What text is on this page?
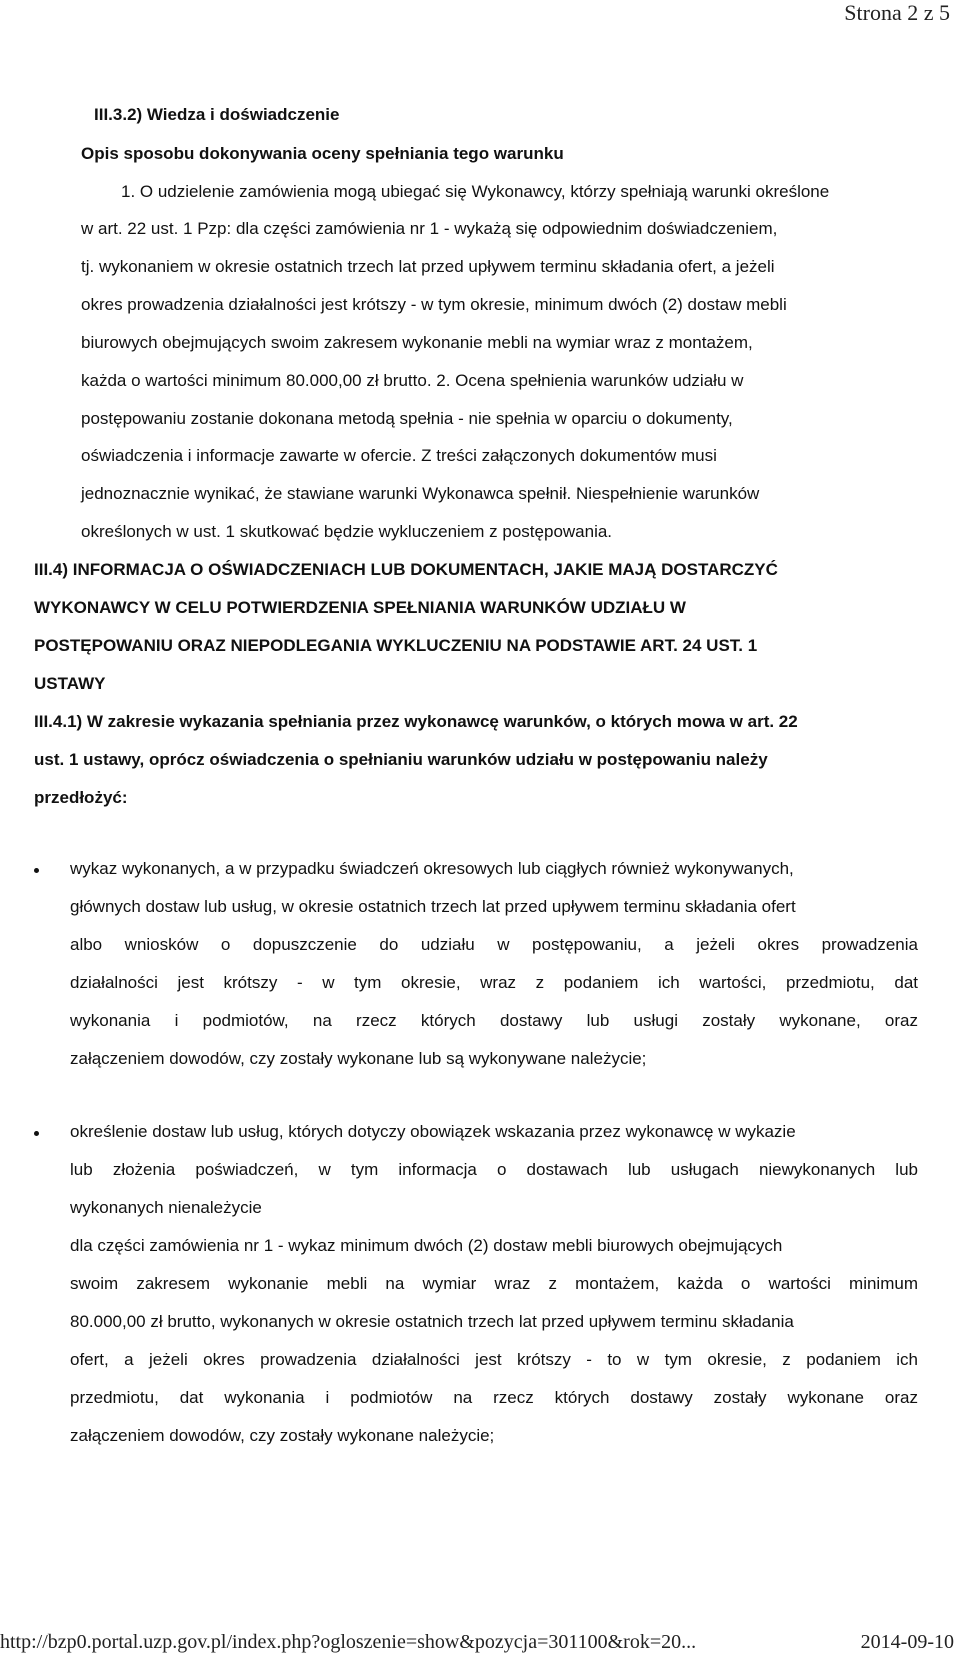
Strona 2 z 5
III.3.2) Wiedza i doświadczenie
Opis sposobu dokonywania oceny spełniania tego warunku
1. O udzielenie zamówienia mogą ubiegać się Wykonawcy, którzy spełniają warunki określone
w art. 22 ust. 1 Pzp: dla części zamówienia nr 1 - wykażą się odpowiednim doświadczeniem,
tj. wykonaniem w okresie ostatnich trzech lat przed upływem terminu składania ofert, a jeżeli
okres prowadzenia działalności jest krótszy - w tym okresie, minimum dwóch (2) dostaw mebli
biurowych obejmujących swoim zakresem wykonanie mebli na wymiar wraz z montażem,
każda o wartości minimum 80.000,00 zł brutto. 2. Ocena spełnienia warunków udziału w
postępowaniu zostanie dokonana metodą spełnia - nie spełnia w oparciu o dokumenty,
oświadczenia i informacje zawarte w ofercie. Z treści załączonych dokumentów musi
jednoznacznie wynikać, że stawiane warunki Wykonawca spełnił. Niespełnienie warunków
określonych w ust. 1 skutkować będzie wykluczeniem z postępowania.
III.4) INFORMACJA O OŚWIADCZENIACH LUB DOKUMENTACH, JAKIE MAJĄ DOSTARCZYĆ
WYKONAWCY W CELU POTWIERDZENIA SPEŁNIANIA WARUNKÓW UDZIAŁU W
POSTĘPOWANIU ORAZ NIEPODLEGANIA WYKLUCZENIU NA PODSTAWIE ART. 24 UST. 1
USTAWY
III.4.1) W zakresie wykazania spełniania przez wykonawcę warunków, o których mowa w art. 22
ust. 1 ustawy, oprócz oświadczenia o spełnianiu warunków udziału w postępowaniu należy
przedłożyć:
wykaz wykonanych, a w przypadku świadczeń okresowych lub ciągłych również wykonywanych,
głównych dostaw lub usług, w okresie ostatnich trzech lat przed upływem terminu składania ofert
albo wniosków o dopuszczenie do udziału w postępowaniu, a jeżeli okres prowadzenia
działalności jest krótszy - w tym okresie, wraz z podaniem ich wartości, przedmiotu, dat
wykonania i podmiotów, na rzecz których dostawy lub usługi zostały wykonane, oraz
załączeniem dowodów, czy zostały wykonane lub są wykonywane należycie;
określenie dostaw lub usług, których dotyczy obowiązek wskazania przez wykonawcę w wykazie
lub złożenia poświadczeń, w tym informacja o dostawach lub usługach niewykonanych lub
wykonanych nienależycie
dla części zamówienia nr 1 - wykaz minimum dwóch (2) dostaw mebli biurowych obejmujących
swoim zakresem wykonanie mebli na wymiar wraz z montażem, każda o wartości minimum
80.000,00 zł brutto, wykonanych w okresie ostatnich trzech lat przed upływem terminu składania
ofert, a jeżeli okres prowadzenia działalności jest krótszy - to w tym okresie, z podaniem ich
przedmiotu, dat wykonania i podmiotów na rzecz których dostawy zostały wykonane oraz
załączeniem dowodów, czy zostały wykonane należycie;
http://bzp0.portal.uzp.gov.pl/index.php?ogloszenie=show&pozycja=301100&rok=20...	2014-09-10
